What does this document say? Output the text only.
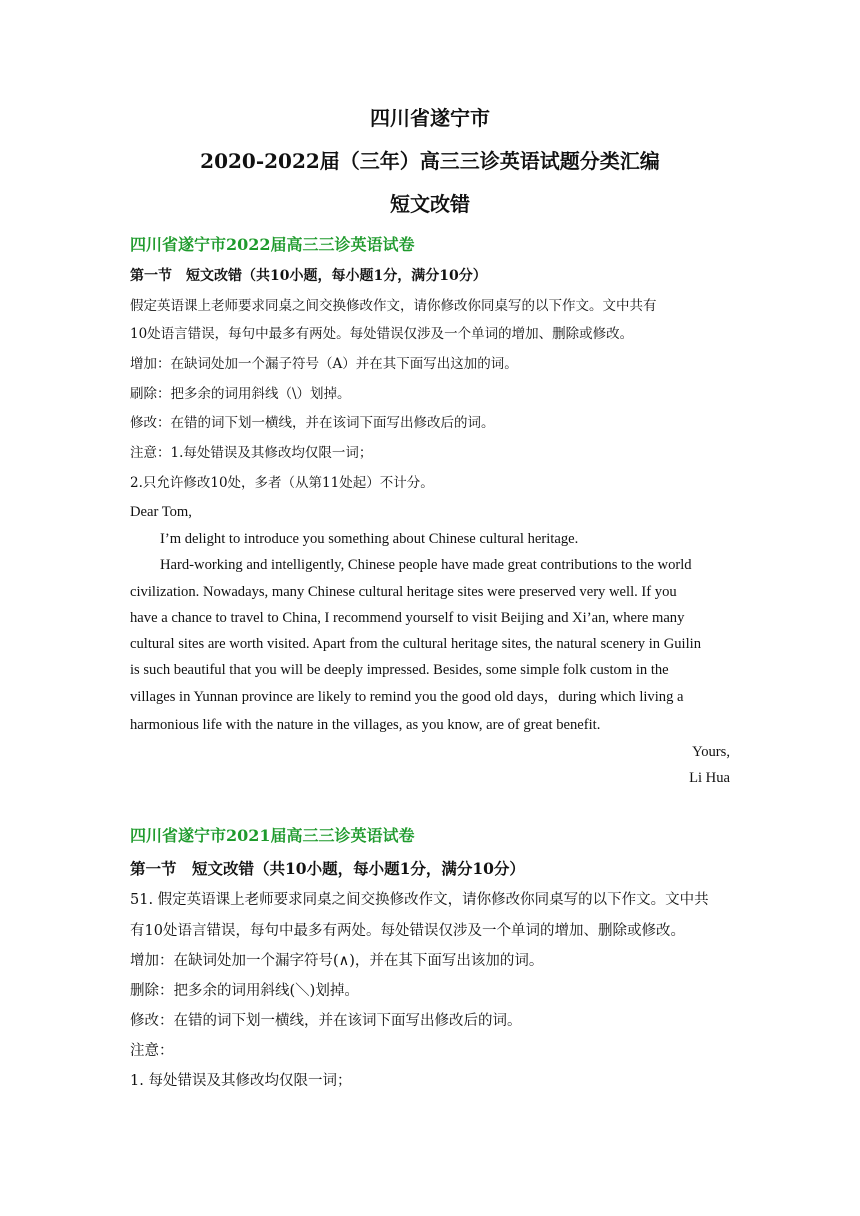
四川省遂宁市
2020-2022届（三年）高三三诊英语试题分类汇编
短文改错
四川省遂宁市2022届高三三诊英语试卷
第一节　短文改错（共10小题，每小题1分，满分10分）
假定英语课上老师要求同桌之间交换修改作文，请你修改你同桌写的以下作文。文中共有
10处语言错误，每句中最多有两处。每处错误仅涉及一个单词的增加、删除或修改。
增加：在缺词处加一个漏子符号（A）并在其下面写出这加的词。
刷除：把多余的词用斜线（\）划掉。
修改：在错的词下划一横线，并在该词下面写出修改后的词。
注意：1.每处错误及其修改均仅限一词；
2.只允许修改10处，多者（从第11处起）不计分。
Dear Tom,
I’m delight to introduce you something about Chinese cultural heritage.
Hard-working and intelligently, Chinese people have made great contributions to the world
civilization. Nowadays, many Chinese cultural heritage sites were preserved very well. If you
have a chance to travel to China, I recommend yourself to visit Beijing and Xi’an, where many
cultural sites are worth visited. Apart from the cultural heritage sites, the natural scenery in Guilin
is such beautiful that you will be deeply impressed. Besides, some simple folk custom in the
villages in Yunnan province are likely to remind you the good old days，during which living a
harmonious life with the nature in the villages, as you know, are of great benefit.
Yours,
Li Hua
四川省遂宁市2021届高三三诊英语试卷
第一节　短文改错（共10小题，每小题1分，满分10分）
51. 假定英语课上老师要求同桌之间交换修改作文，请你修改你同桌写的以下作文。文中共
有10处语言错误，每句中最多有两处。每处错误仅涉及一个单词的增加、删除或修改。
增加：在缺词处加一个漏字符号(∧)，并在其下面写出该加的词。
删除：把多余的词用斜线(＼)划掉。
修改：在错的词下划一横线，并在该词下面写出修改后的词。
注意：
1. 每处错误及其修改均仅限一词；
